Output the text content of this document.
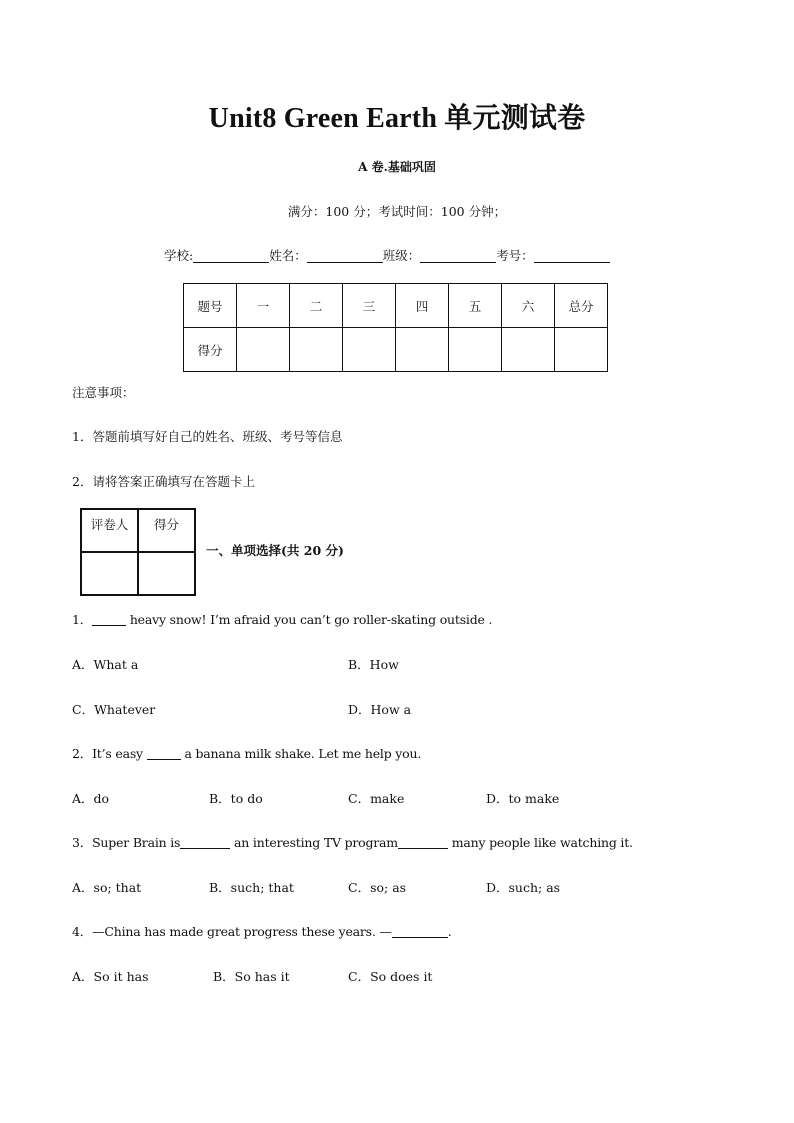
Unit8 Green Earth 单元测试卷
A 卷.基础巩固
满分：100 分；考试时间：100 分钟；
学校:	姓名：	班级：	考号：
题号	一	二	三	四	五	六	总分
得分							
注意事项：
1．答题前填写好自己的姓名、班级、考号等信息
2．请将答案正确填写在答题卡上
评卷人	得分

一、单项选择(共 20 分)
1．	heavy snow! I’m afraid you can’t go roller-skating outside .
A．What a	B．How
C．Whatever	D．How a
2．It’s easy	a banana milk shake. Let me help you.
A．do	B．to do	C．make	D．to make
3．Super Brain is	an interesting TV program	many people like watching it.
A．so; that	B．such; that	C．so; as	D．such; as
4．—China has made great progress these years. —	.
A．So it has	B．So has it	C．So does it
